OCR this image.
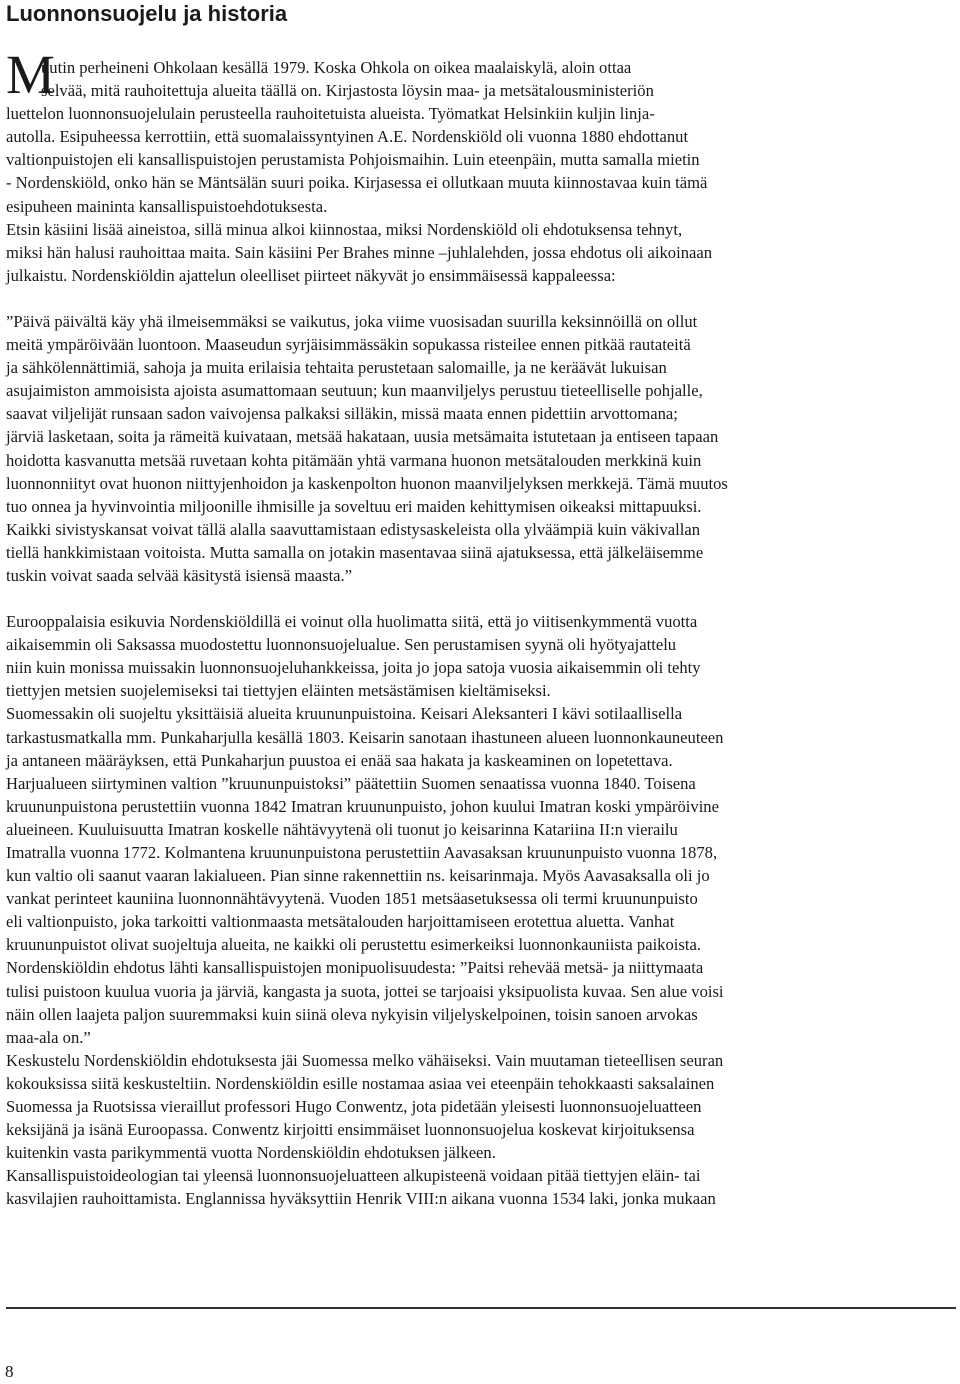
Luonnonsuojelu ja historia
M
uutin perheineni Ohkolaan kesällä 1979. Koska Ohkola on oikea maalaiskylä, aloin ottaa
selvää, mitä rauhoitettuja alueita täällä on. Kirjastosta löysin maa- ja metsätalousministeriön
luettelon luonnonsuojelulain perusteella rauhoitetuista alueista. Työmatkat Helsinkiin kuljin linja-
autolla. Esipuheessa kerrottiin, että suomalaissyntyinen A.E. Nordenskiöld oli vuonna 1880 ehdottanut
valtionpuistojen eli kansallispuistojen perustamista Pohjoismaihin. Luin eteenpäin, mutta samalla mietin
- Nordenskiöld, onko hän se Mäntsälän suuri poika. Kirjasessa ei ollutkaan muuta kiinnostavaa kuin tämä
esipuheen maininta kansallispuistoehdotuksesta.
Etsin käsiini lisää aineistoa, sillä minua alkoi kiinnostaa, miksi Nordenskiöld oli ehdotuksensa tehnyt,
miksi hän halusi rauhoittaa maita. Sain käsiini Per Brahes minne –juhlalehden, jossa ehdotus oli aikoinaan
julkaistu. Nordenskiöldin ajattelun oleelliset piirteet näkyvät jo ensimmäisessä kappaleessa:
”Päivä päivältä käy yhä ilmeisemmäksi se vaikutus, joka viime vuosisadan suurilla keksinnöillä on ollut
meitä ympäröivään luontoon. Maaseudun syrjäisimmässäkin sopukassa risteilee ennen pitkää rautateitä
ja sähkölennättimiä, sahoja ja muita erilaisia tehtaita perustetaan salomaille, ja ne keräävät lukuisan
asujaimiston ammoisista ajoista asumattomaan seutuun; kun maanviljelys perustuu tieteelliselle pohjalle,
saavat viljelijät runsaan sadon vaivojensa palkaksi silläkin, missä maata ennen pidettiin arvottomana;
järviä lasketaan, soita ja rämeitä kuivataan, metsää hakataan, uusia metsämaita istutetaan ja entiseen tapaan
hoidotta kasvanutta metsää ruvetaan kohta pitämään yhtä varmana huonon metsätalouden merkkinä kuin
luonnonniityt ovat huonon niittyjenhoidon ja kaskenpolton huonon maanviljelyksen merkkejä. Tämä muutos
tuo onnea ja hyvinvointia miljoonille ihmisille ja soveltuu eri maiden kehittymisen oikeaksi mittapuuksi.
Kaikki sivistyskansat voivat tällä alalla saavuttamistaan edistysaskeleista olla ylväämpiä kuin väkivallan
tiellä hankkimistaan voitoista. Mutta samalla on jotakin masentavaa siinä ajatuksessa, että jälkeläisemme
tuskin voivat saada selvää käsitystä isiensä maasta.”
Eurooppalaisia esikuvia Nordenskiöldillä ei voinut olla huolimatta siitä, että jo viitisenkymmentä vuotta
aikaisemmin oli Saksassa muodostettu luonnonsuojelualue. Sen perustamisen syynä oli hyötyajattelu
niin kuin monissa muissakin luonnonsuojeluhankkeissa, joita jo jopa satoja vuosia aikaisemmin oli tehty
tiettyjen metsien suojelemiseksi tai tiettyjen eläinten metsästämisen kieltämiseksi.
Suomessakin oli suojeltu yksittäisiä alueita kruununpuistoina. Keisari Aleksanteri I kävi sotilaallisella
tarkastusmatkalla mm. Punkaharjulla kesällä 1803. Keisarin sanotaan ihastuneen alueen luonnonkauneuteen
ja antaneen määräyksen, että Punkaharjun puustoa ei enää saa hakata ja kaskeaminen on lopetettava.
Harjualueen siirtyminen valtion ”kruununpuistoksi” päätettiin Suomen senaatissa vuonna 1840. Toisena
kruununpuistona perustettiin vuonna 1842 Imatran kruununpuisto, johon kuului Imatran koski ympäröivine
alueineen. Kuuluisuutta Imatran koskelle nähtävyytenä oli tuonut jo keisarinna Katariina II:n vierailu
Imatralla vuonna 1772. Kolmantena kruununpuistona perustettiin Aavasaksan kruununpuisto vuonna 1878,
kun valtio oli saanut vaaran lakialueen. Pian sinne rakennettiin ns. keisarinmaja. Myös Aavasaksalla oli jo
vankat perinteet kauniina luonnonnähtävyytenä. Vuoden 1851 metsäasetuksessa oli termi kruununpuisto
eli valtionpuisto, joka tarkoitti valtionmaasta metsätalouden harjoittamiseen erotettua aluetta. Vanhat
kruununpuistot olivat suojeltuja alueita, ne kaikki oli perustettu esimerkeiksi luonnonkauniista paikoista.
Nordenskiöldin ehdotus lähti kansallispuistojen monipuolisuudesta: ”Paitsi rehevää metsä- ja niittymaata
tulisi puistoon kuulua vuoria ja järviä, kangasta ja suota, jottei se tarjoaisi yksipuolista kuvaa. Sen alue voisi
näin ollen laajeta paljon suuremmaksi kuin siinä oleva nykyisin viljelyskelpoinen, toisin sanoen arvokas
maa-ala on.”
Keskustelu Nordenskiöldin ehdotuksesta jäi Suomessa melko vähäiseksi. Vain muutaman tieteellisen seuran
kokouksissa siitä keskusteltiin. Nordenskiöldin esille nostamaa asiaa vei eteenpäin tehokkaasti saksalainen
Suomessa ja Ruotsissa vieraillut professori Hugo Conwentz, jota pidetään yleisesti luonnonsuojeluatteen
keksijänä ja isänä Euroopassa. Conwentz kirjoitti ensimmäiset luonnonsuojelua koskevat kirjoituksensa
kuitenkin vasta parikymmentä vuotta Nordenskiöldin ehdotuksen jälkeen.
Kansallispuistoideologian tai yleensä luonnonsuojeluatteen alkupisteenä voidaan pitää tiettyjen eläin- tai
kasvilajien rauhoittamista. Englannissa hyväksyttiin Henrik VIII:n aikana vuonna 1534 laki, jonka mukaan
8
